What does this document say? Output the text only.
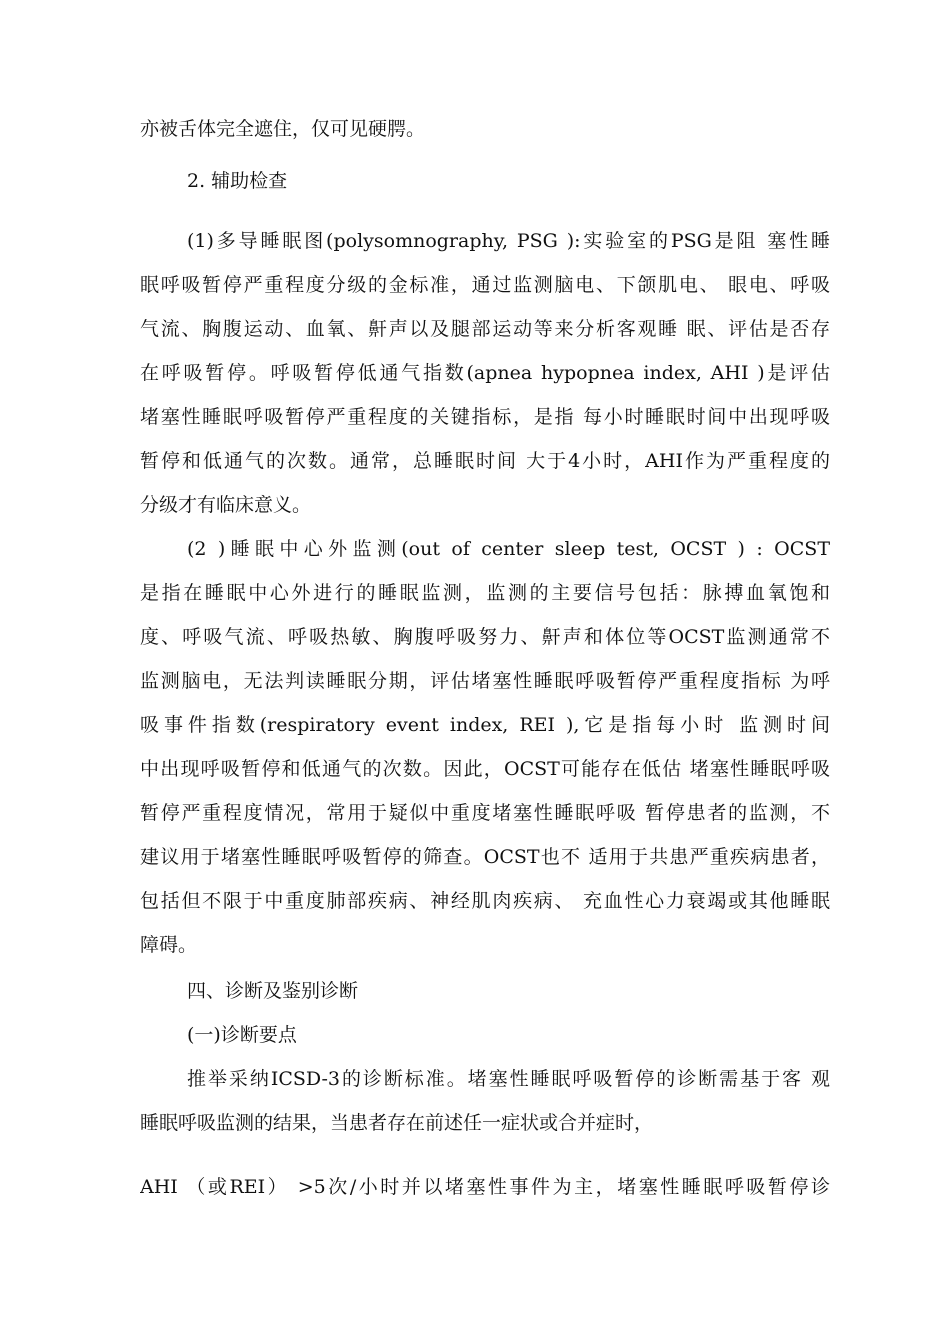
亦被舌体完全遮住，仅可见硬腭。
2. 辅助检查
(1)多导睡眠图(polysomnography, PSG ):实验室的PSG是阻 塞性睡
眠呼吸暂停严重程度分级的金标准，通过监测脑电、下颌肌电、 眼电、呼吸
气流、胸腹运动、血氧、鼾声以及腿部运动等来分析客观睡 眠、评估是否存
在呼吸暂停。呼吸暂停低通气指数(apnea hypopnea index, AHI )是评估
堵塞性睡眠呼吸暂停严重程度的关键指标，是指 每小时睡眠时间中出现呼吸
暂停和低通气的次数。通常，总睡眠时间 大于4小时，AHI作为严重程度的
分级才有临床意义。
(2 )睡眠中心外监测(out of center sleep test, OCST ) : OCST
是指在睡眠中心外进行的睡眠监测，监测的主要信号包括：脉搏血氧饱和
度、呼吸气流、呼吸热敏、胸腹呼吸努力、鼾声和体位等OCST监测通常不
监测脑电，无法判读睡眠分期，评估堵塞性睡眠呼吸暂停严重程度指标 为呼
吸事件指数(respiratory event index, REI ),它是指每小时 监测时间
中出现呼吸暂停和低通气的次数。因此，OCST可能存在低估 堵塞性睡眠呼吸
暂停严重程度情况，常用于疑似中重度堵塞性睡眠呼吸 暂停患者的监测，不
建议用于堵塞性睡眠呼吸暂停的筛查。OCST也不 适用于共患严重疾病患者，
包括但不限于中重度肺部疾病、神经肌肉疾病、 充血性心力衰竭或其他睡眠
障碍。
四、诊断及鉴别诊断
(一)诊断要点
推举采纳ICSD-3的诊断标准。堵塞性睡眠呼吸暂停的诊断需基于客 观
睡眠呼吸监测的结果，当患者存在前述任一症状或合并症时，
AHI （或REI） >5次/小时并以堵塞性事件为主，堵塞性睡眠呼吸暂停诊
